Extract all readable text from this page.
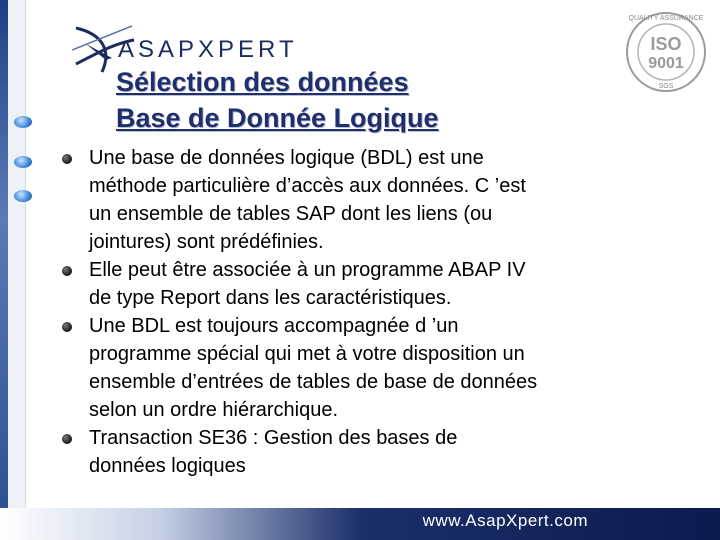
ASAPXPERT
QUALITY ASSURANCE
ISO
9001
SGS
Sélection des données
Base de Donnée Logique
Une base de données logique (BDL) est une
méthode particulière d’accès aux données. C ’est
un ensemble de tables SAP dont les liens (ou
jointures) sont prédéfinies.
Elle peut être associée à un programme ABAP IV
de type Report dans les caractéristiques.
Une BDL est toujours accompagnée d ’un
programme spécial qui met à votre disposition un
ensemble d’entrées de tables de base de données
selon un ordre hiérarchique.
Transaction SE36 : Gestion des bases de
données logiques
www.AsapXpert.com
